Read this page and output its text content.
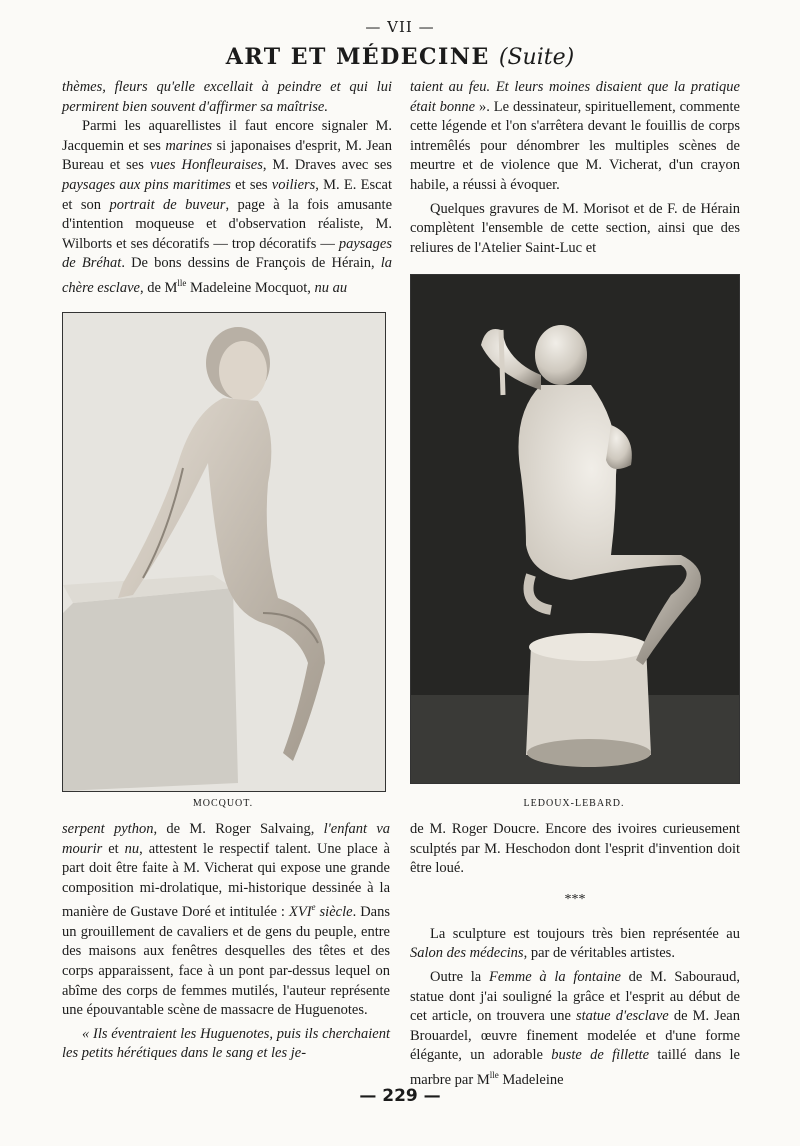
— VII —
ART ET MÉDECINE (Suite)

thèmes, fleurs qu'elle excellait à peindre et qui lui permirent bien souvent d'affirmer sa maîtrise.

Parmi les aquarellistes il faut encore signaler M. Jacquemin et ses marines si japonaises d'esprit, M. Jean Bureau et ses vues Honfleuraises, M. Draves avec ses paysages aux pins maritimes et ses voiliers, M. E. Escat et son portrait de buveur, page à la fois amusante d'intention moqueuse et d'observation réaliste, M. Wilborts et ses décoratifs — trop décoratifs — paysages de Bréhat. De bons dessins de François de Hérain, la chère esclave, de $M^{lle}$ Madeleine Mocquot, nu au

taient au feu. Et leurs moines disaient que la pratique était bonne ». Le dessinateur, spirituellement, commente cette légende et l'on s'arrêtera devant le fouillis de corps intremêlés pour dénombrer les multiples scènes de meurtre et de violence que M. Vicherat, d'un crayon habile, a réussi à évoquer.

Quelques gravures de M. Morisot et de F. de Hérain complètent l'ensemble de cette section, ainsi que des reliures de l'Atelier Saint-Luc et

MOCQUOT.	LEDOUX-LEBARD.

serpent python, de M. Roger Salvaing, l'enfant va mourir et nu, attestent le respectif talent. Une place à part doit être faite à M. Vicherat qui expose une grande composition mi-drolatique, mi-historique dessinée à la manière de Gustave Doré et intitulée : XVIe siècle. Dans un grouillement de cavaliers et de gens du peuple, entre des maisons aux fenêtres desquelles des têtes et des corps apparaissent, face à un pont par-dessus lequel on abîme des corps de femmes mutilés, l'auteur représente une épouvantable scène de massacre de Huguenotes.

« Ils éventraient les Huguenotes, puis ils cherchaient les petits hérétiques dans le sang et les je-

de M. Roger Doucre. Encore des ivoires curieusement sculptés par M. Heschodon dont l'esprit d'invention doit être loué.

***

La sculpture est toujours très bien représentée au Salon des médecins, par de véritables artistes.

Outre la Femme à la fontaine de M. Sabouraud, statue dont j'ai souligné la grâce et l'esprit au début de cet article, on trouvera une statue d'esclave de M. Jean Brouardel, œuvre finement modelée et d'une forme élégante, un adorable buste de fillette taillé dans le marbre par $M^{lle}$ Madeleine

— 229 —
